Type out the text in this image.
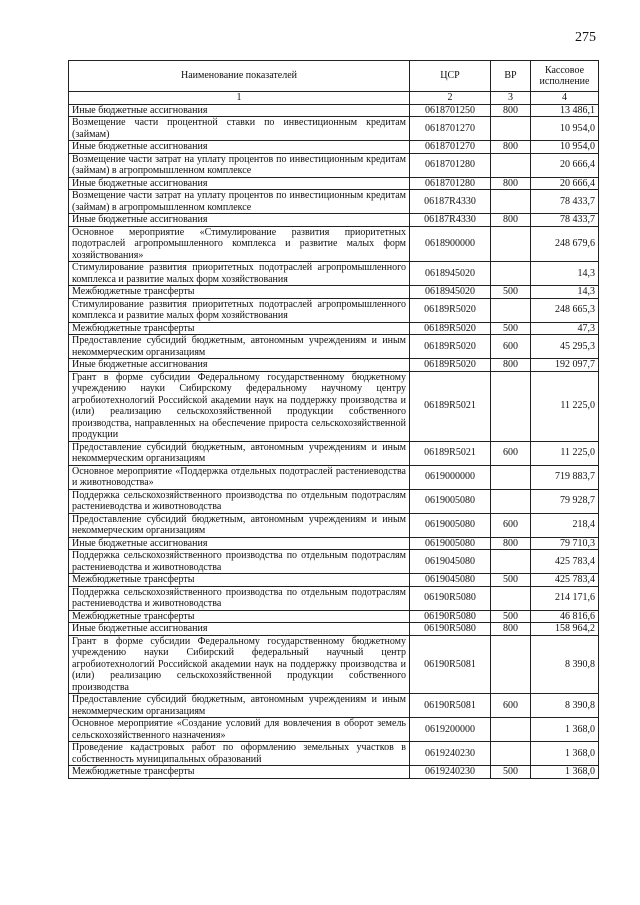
275
Наименование показателей	ЦСР	ВР	Кассовое исполнение
1	2	3	4
Иные бюджетные ассигнования	0618701250	800	13 486,1
Возмещение части процентной ставки по инвестиционным кредитам (займам)	0618701270		10 954,0
Иные бюджетные ассигнования	0618701270	800	10 954,0
Возмещение части затрат на уплату процентов по инвестиционным кредитам (займам) в агропромышленном комплексе	0618701280		20 666,4
Иные бюджетные ассигнования	0618701280	800	20 666,4
Возмещение части затрат на уплату процентов по инвестиционным кредитам (займам) в агропромышленном комплексе	06187R4330		78 433,7
Иные бюджетные ассигнования	06187R4330	800	78 433,7
Основное мероприятие «Стимулирование развития приоритетных подотраслей агропромышленного комплекса и развитие малых форм хозяйствования»	0618900000		248 679,6
Стимулирование развития приоритетных подотраслей агропромышленного комплекса и развитие малых форм хозяйствования	0618945020		14,3
Межбюджетные трансферты	0618945020	500	14,3
Стимулирование развития приоритетных подотраслей агропромышленного комплекса и развитие малых форм хозяйствования	06189R5020		248 665,3
Межбюджетные трансферты	06189R5020	500	47,3
Предоставление субсидий бюджетным, автономным учреждениям и иным некоммерческим организациям	06189R5020	600	45 295,3
Иные бюджетные ассигнования	06189R5020	800	192 097,7
Грант в форме субсидии Федеральному государственному бюджетному учреждению науки Сибирскому федеральному научному центру агробиотехнологий Российской академии наук на поддержку производства и (или) реализацию сельскохозяйственной продукции собственного производства, направленных на обеспечение прироста сельскохозяйственной продукции	06189R5021		11 225,0
Предоставление субсидий бюджетным, автономным учреждениям и иным некоммерческим организациям	06189R5021	600	11 225,0
Основное мероприятие «Поддержка отдельных подотраслей растениеводства и животноводства»	0619000000		719 883,7
Поддержка сельскохозяйственного производства по отдельным подотраслям растениеводства и животноводства	0619005080		79 928,7
Предоставление субсидий бюджетным, автономным учреждениям и иным некоммерческим организациям	0619005080	600	218,4
Иные бюджетные ассигнования	0619005080	800	79 710,3
Поддержка сельскохозяйственного производства по отдельным подотраслям растениеводства и животноводства	0619045080		425 783,4
Межбюджетные трансферты	0619045080	500	425 783,4
Поддержка сельскохозяйственного производства по отдельным подотраслям растениеводства и животноводства	06190R5080		214 171,6
Межбюджетные трансферты	06190R5080	500	46 816,6
Иные бюджетные ассигнования	06190R5080	800	158 964,2
Грант в форме субсидии Федеральному государственному бюджетному учреждению науки Сибирский федеральный научный центр агробиотехнологий Российской академии наук на поддержку производства и (или) реализацию сельскохозяйственной продукции собственного производства	06190R5081		8 390,8
Предоставление субсидий бюджетным, автономным учреждениям и иным некоммерческим организациям	06190R5081	600	8 390,8
Основное мероприятие «Создание условий для вовлечения в оборот земель сельскохозяйственного назначения»	0619200000		1 368,0
Проведение кадастровых работ по оформлению земельных участков в собственность муниципальных образований	0619240230		1 368,0
Межбюджетные трансферты	0619240230	500	1 368,0
